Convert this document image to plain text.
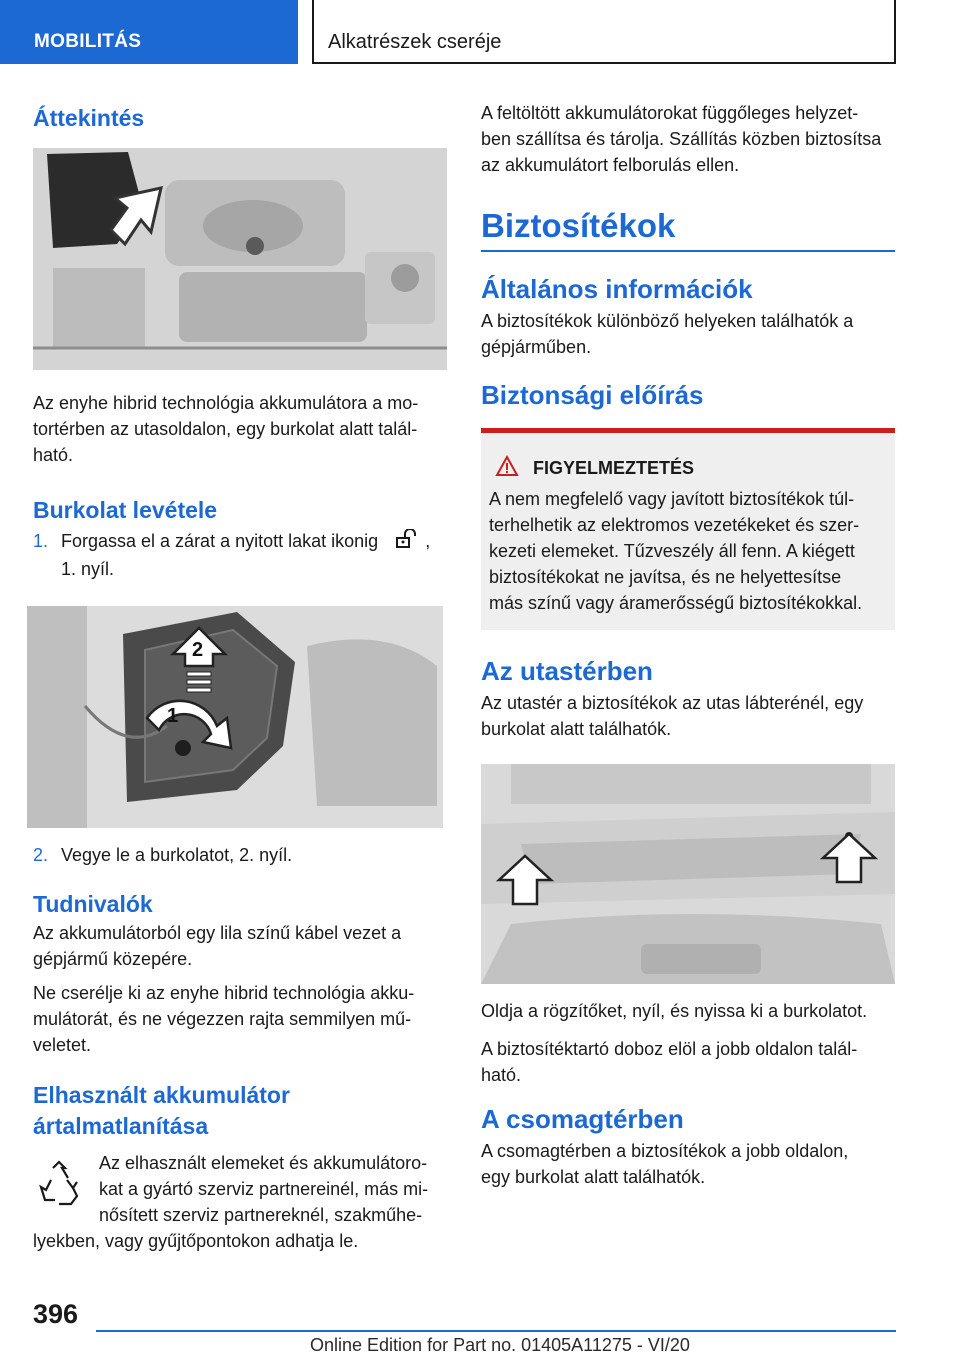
MOBILITÁS	Alkatrészek cseréje
Áttekintés
Az enyhe hibrid technológia akkumulátora a mo-
tortérben az utasoldalon, egy burkolat alatt talál-
ható.
Burkolat levétele
1. Forgassa el a zárat a nyitott lakat ikonig	,
1. nyíl.
2
1
2. Vegye le a burkolatot, 2. nyíl.
Tudnivalók
Az akkumulátorból egy lila színű kábel vezet a
gépjármű közepére.
Ne cserélje ki az enyhe hibrid technológia akku-
mulátorát, és ne végezzen rajta semmilyen mű-
veletet.
Elhasznált akkumulátor
ártalmatlanítása
Az elhasznált elemeket és akkumulátoro-
kat a gyártó szerviz partnereinél, más mi-
nősített szerviz partnereknél, szakműhe-
lyekben, vagy gyűjtőpontokon adhatja le.
A feltöltött akkumulátorokat függőleges helyzet-
ben szállítsa és tárolja. Szállítás közben biztosítsa
az akkumulátort felborulás ellen.
Biztosítékok
Általános információk
A biztosítékok különböző helyeken találhatók a
gépjárműben.
Biztonsági előírás
FIGYELMEZTETÉS
A nem megfelelő vagy javított biztosítékok túl-
terhelhetik az elektromos vezetékeket és szer-
kezeti elemeket. Tűzveszély áll fenn. A kiégett
biztosítékokat ne javítsa, és ne helyettesítse
más színű vagy áramerősségű biztosítékokkal.
Az utastérben
Az utastér a biztosítékok az utas lábterénél, egy
burkolat alatt találhatók.
Oldja a rögzítőket, nyíl, és nyissa ki a burkolatot.
A biztosítéktartó doboz elöl a jobb oldalon talál-
ható.
A csomagtérben
A csomagtérben a biztosítékok a jobb oldalon,
egy burkolat alatt találhatók.
396
Online Edition for Part no. 01405A11275 - VI/20
